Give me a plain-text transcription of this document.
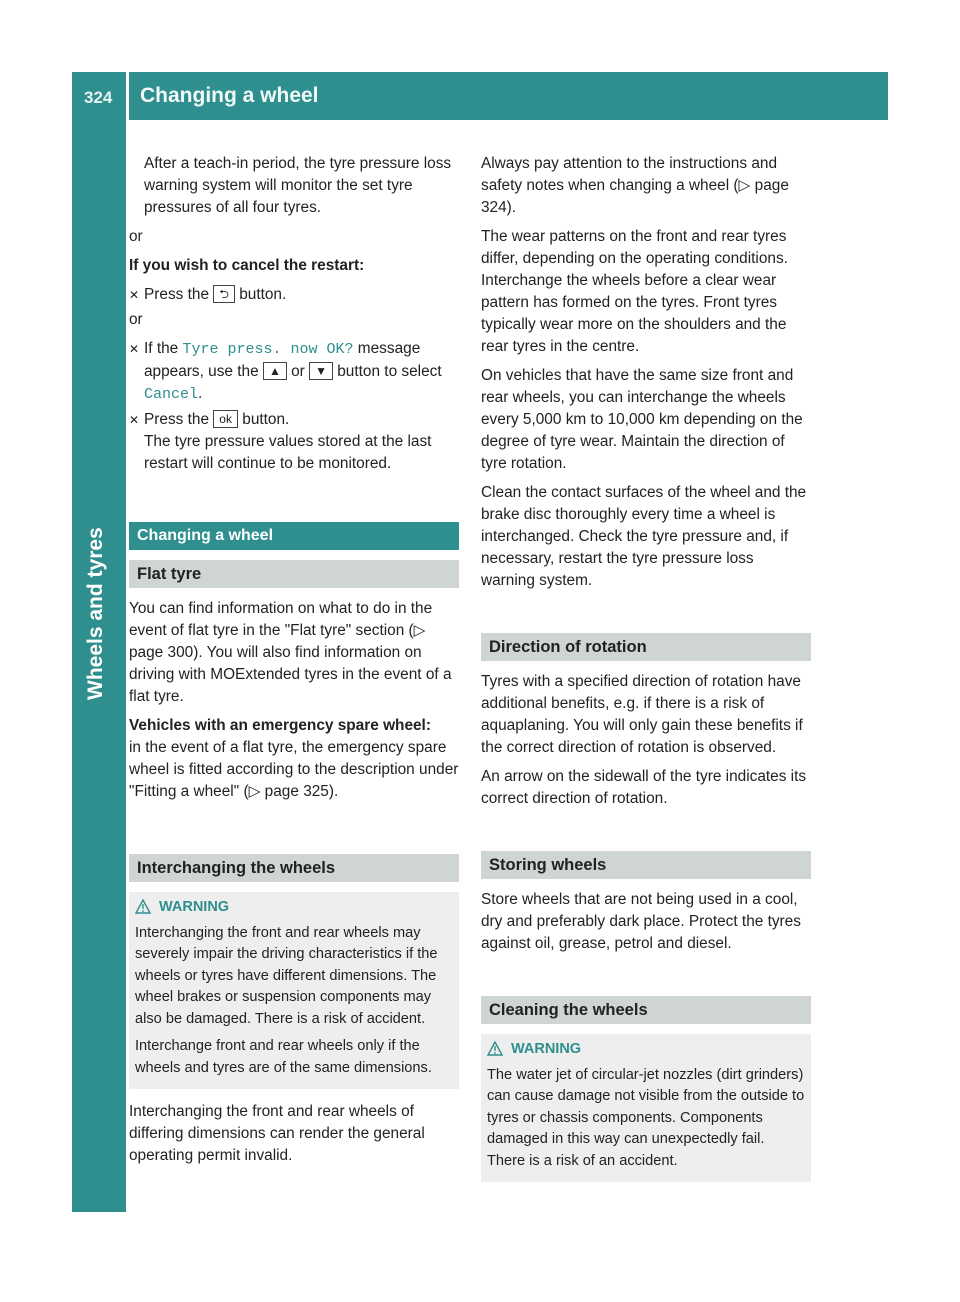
324 Changing a wheel
Wheels and tyres

After a teach-in period, the tyre pressure loss warning system will monitor the set tyre pressures of all four tyres.

or

If you wish to cancel the restart:

✕ Press the ⮌ button.

or

✕ If the Tyre press. now OK? message appears, use the ▲ or ▼ button to select Cancel.
✕ Press the ok button.
The tyre pressure values stored at the last restart will continue to be monitored.
Changing a wheel
Flat tyre

You can find information on what to do in the event of flat tyre in the "Flat tyre" section (▷ page 300). You will also find information on driving with MOExtended tyres in the event of a flat tyre.

Vehicles with an emergency spare wheel:

in the event of a flat tyre, the emergency spare wheel is fitted according to the description under "Fitting a wheel" (▷ page 325).

Interchanging the wheels
WARNING

Interchanging the front and rear wheels may severely impair the driving characteristics if the wheels or tyres have different dimensions. The wheel brakes or suspension components may also be damaged. There is a risk of accident.

Interchange front and rear wheels only if the wheels and tyres are of the same dimensions.

Interchanging the front and rear wheels of differing dimensions can render the general operating permit invalid.

Always pay attention to the instructions and safety notes when changing a wheel (▷ page 324).

The wear patterns on the front and rear tyres differ, depending on the operating conditions. Interchange the wheels before a clear wear pattern has formed on the tyres. Front tyres typically wear more on the shoulders and the rear tyres in the centre.

On vehicles that have the same size front and rear wheels, you can interchange the wheels every 5,000 km to 10,000 km depending on the degree of tyre wear. Maintain the direction of tyre rotation.

Clean the contact surfaces of the wheel and the brake disc thoroughly every time a wheel is interchanged. Check the tyre pressure and, if necessary, restart the tyre pressure loss warning system.

Direction of rotation

Tyres with a specified direction of rotation have additional benefits, e.g. if there is a risk of aquaplaning. You will only gain these benefits if the correct direction of rotation is observed.

An arrow on the sidewall of the tyre indicates its correct direction of rotation.

Storing wheels

Store wheels that are not being used in a cool, dry and preferably dark place. Protect the tyres against oil, grease, petrol and diesel.

Cleaning the wheels
WARNING

The water jet of circular-jet nozzles (dirt grinders) can cause damage not visible from the outside to tyres or chassis components. Components damaged in this way can unexpectedly fail. There is a risk of an accident.
